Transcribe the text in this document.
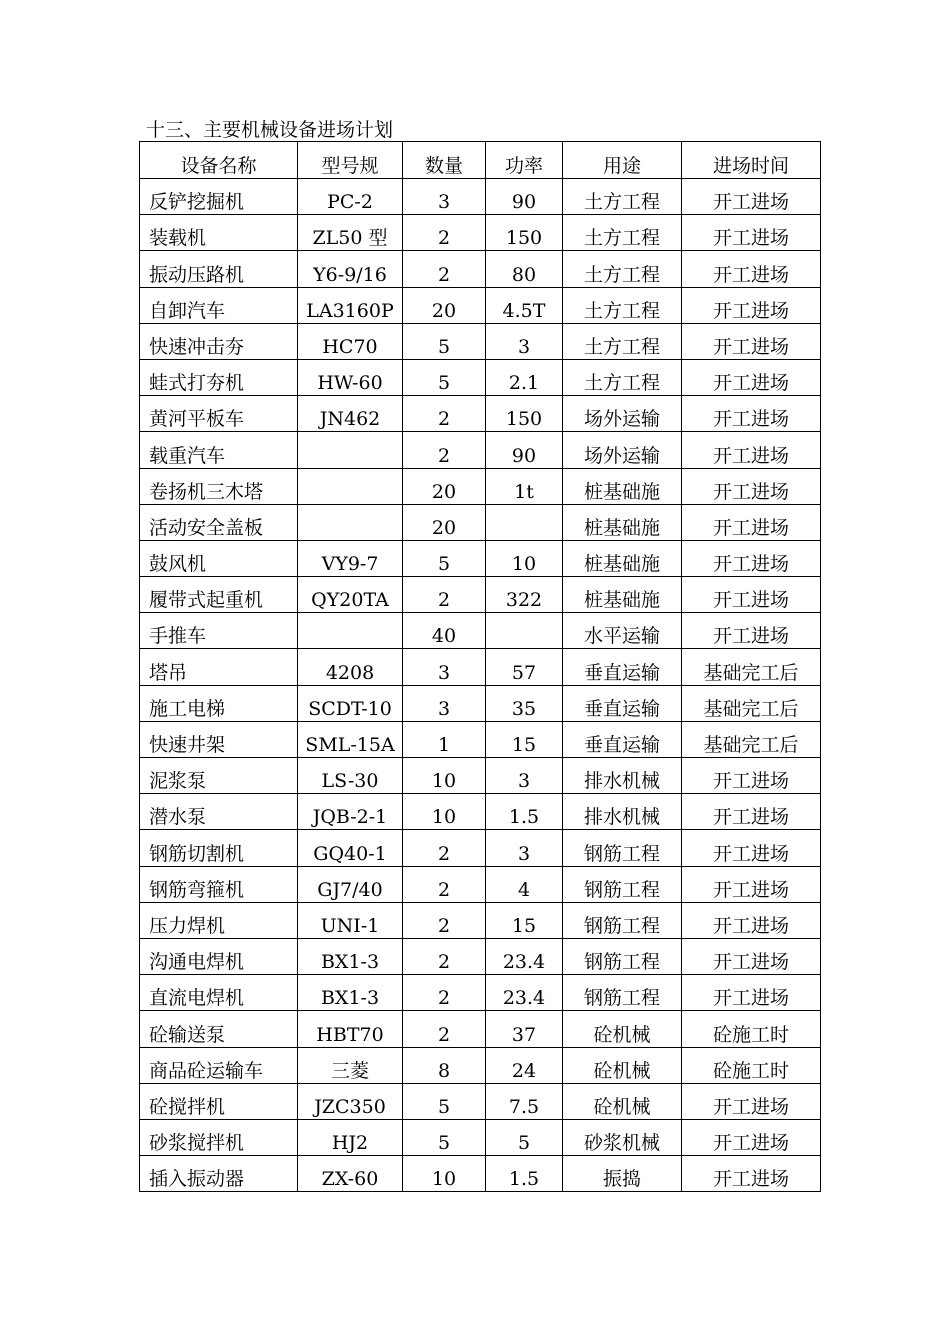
十三、主要机械设备进场计划
设备名称	型号规	数量	功率	用途	进场时间

反铲挖掘机	PC-2	3	90	土方工程	开工进场

装载机	ZL50 型	2	150	土方工程	开工进场

振动压路机	Y6-9/16	2	80	土方工程	开工进场

自卸汽车	LA3160P	20	4.5T	土方工程	开工进场

快速冲击夯	HC70	5	3	土方工程	开工进场

蛙式打夯机	HW-60	5	2.1	土方工程	开工进场

黄河平板车	JN462	2	150	场外运输	开工进场

载重汽车		2	90	场外运输	开工进场

卷扬机三木塔		20	1t	桩基础施	开工进场

活动安全盖板		20		桩基础施	开工进场

鼓风机	VY9-7	5	10	桩基础施	开工进场

履带式起重机	QY20TA	2	322	桩基础施	开工进场

手推车		40		水平运输	开工进场

塔吊	4208	3	57	垂直运输	基础完工后

施工电梯	SCDT-10	3	35	垂直运输	基础完工后

快速井架	SML-15A	1	15	垂直运输	基础完工后

泥浆泵	LS-30	10	3	排水机械	开工进场

潜水泵	JQB-2-1	10	1.5	排水机械	开工进场

钢筋切割机	GQ40-1	2	3	钢筋工程	开工进场

钢筋弯箍机	GJ7/40	2	4	钢筋工程	开工进场

压力焊机	UNI-1	2	15	钢筋工程	开工进场

沟通电焊机	BX1-3	2	23.4	钢筋工程	开工进场

直流电焊机	BX1-3	2	23.4	钢筋工程	开工进场

砼输送泵	HBT70	2	37	砼机械	砼施工时

商品砼运输车	三菱	8	24	砼机械	砼施工时

砼搅拌机	JZC350	5	7.5	砼机械	开工进场

砂浆搅拌机	HJ2	5	5	砂浆机械	开工进场

插入振动器	ZX-60	10	1.5	振捣	开工进场
